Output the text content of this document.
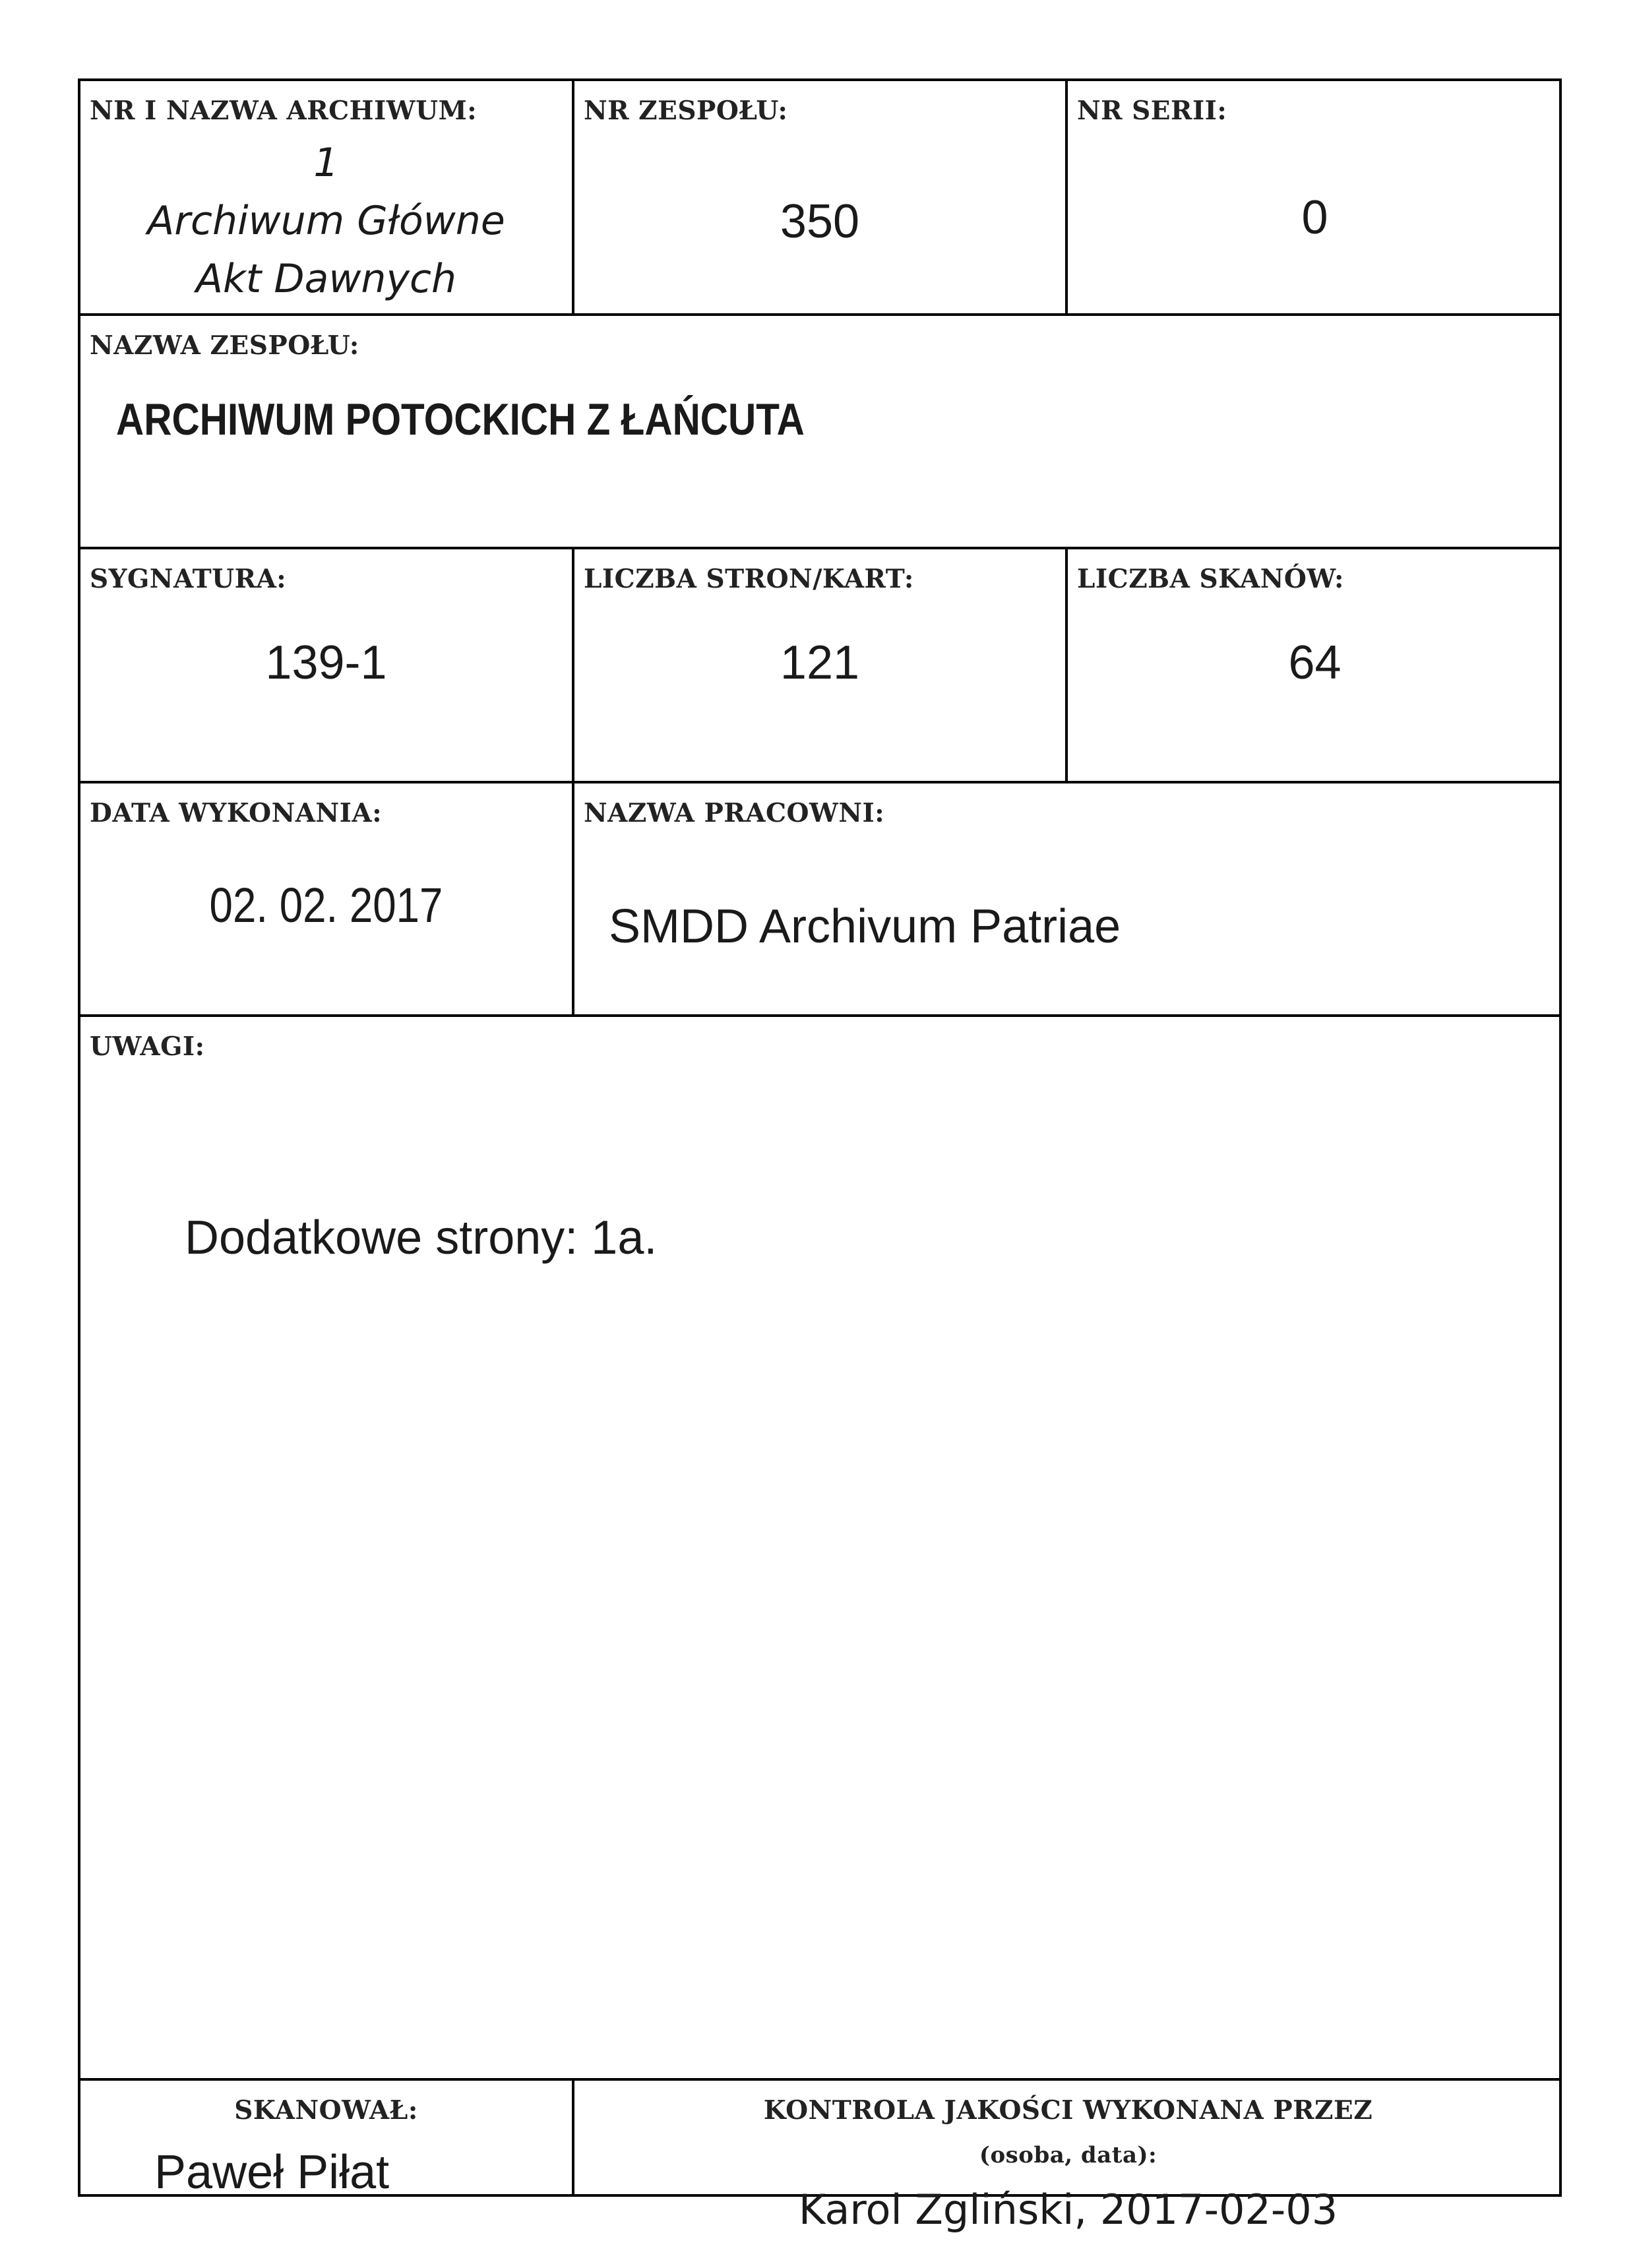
NR I NAZWA ARCHIWUM:
1
Archiwum Główne
Akt Dawnych
NR ZESPOŁU:
350
NR SERII:
0
NAZWA ZESPOŁU:
ARCHIWUM POTOCKICH Z ŁAŃCUTA
SYGNATURA:
139-1
LICZBA STRON/KART:
121
LICZBA SKANÓW:
64
DATA WYKONANIA:
02. 02. 2017
NAZWA PRACOWNI:
SMDD Archivum Patriae
UWAGI:
Dodatkowe strony: 1a.
SKANOWAŁ:
Paweł Piłat
KONTROLA JAKOŚCI WYKONANA PRZEZ
(osoba, data):
Karol Zgliński, 2017-02-03
